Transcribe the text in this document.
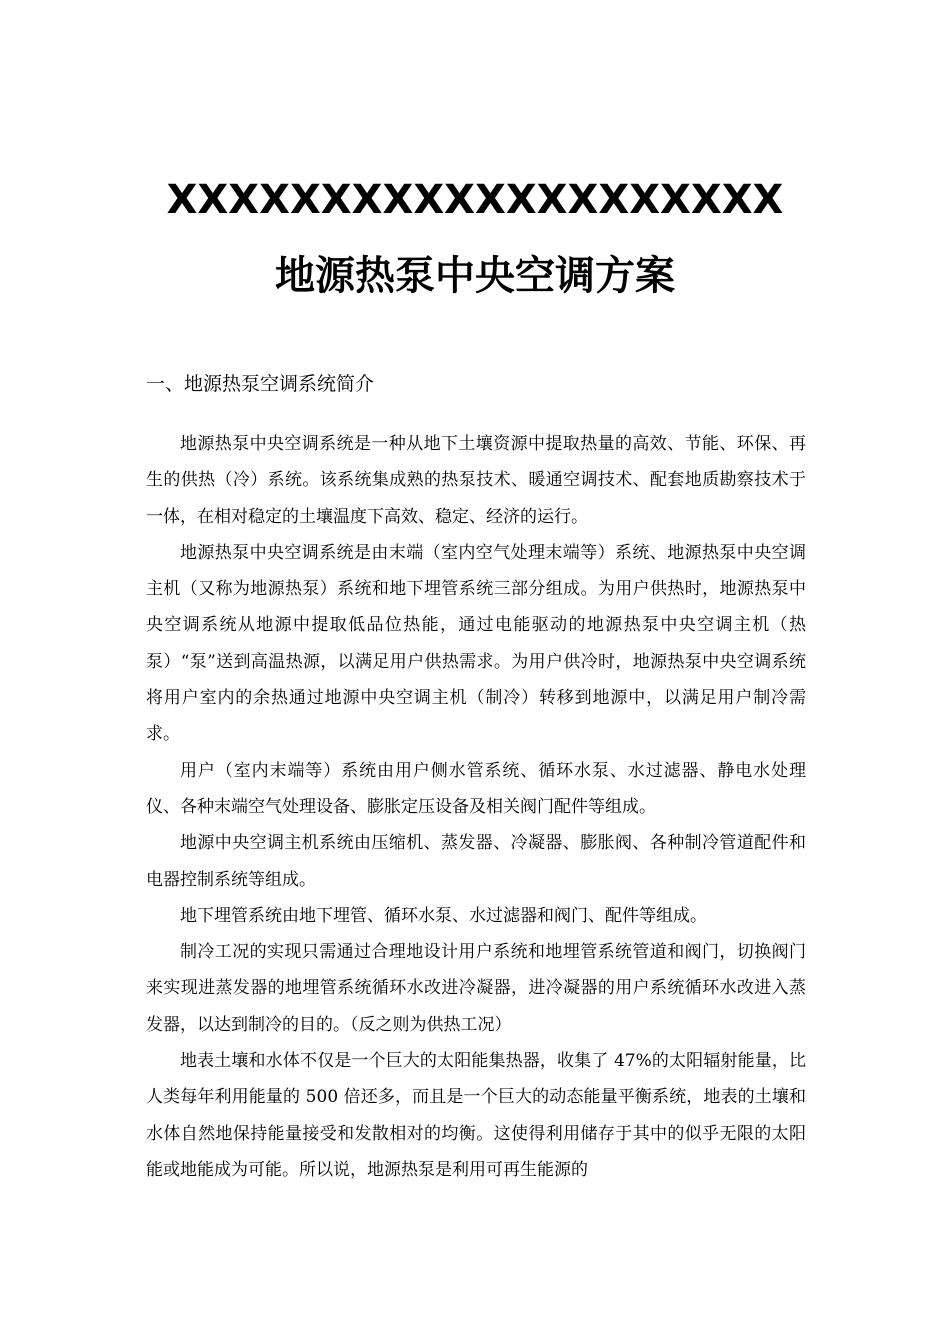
XXXXXXXXXXXXXXXXXXXX
地源热泵中央空调方案
一、地源热泵空调系统简介

地源热泵中央空调系统是一种从地下土壤资源中提取热量的高效、节能、环保、再生的供热（冷）系统。该系统集成熟的热泵技术、暖通空调技术、配套地质勘察技术于一体，在相对稳定的土壤温度下高效、稳定、经济的运行。

地源热泵中央空调系统是由末端（室内空气处理末端等）系统、地源热泵中央空调主机（又称为地源热泵）系统和地下埋管系统三部分组成。为用户供热时，地源热泵中央空调系统从地源中提取低品位热能，通过电能驱动的地源热泵中央空调主机（热泵）“泵”送到高温热源，以满足用户供热需求。为用户供冷时，地源热泵中央空调系统将用户室内的余热通过地源中央空调主机（制冷）转移到地源中，以满足用户制冷需求。

用户（室内末端等）系统由用户侧水管系统、循环水泵、水过滤器、静电水处理仪、各种末端空气处理设备、膨胀定压设备及相关阀门配件等组成。

地源中央空调主机系统由压缩机、蒸发器、冷凝器、膨胀阀、各种制冷管道配件和电器控制系统等组成。

地下埋管系统由地下埋管、循环水泵、水过滤器和阀门、配件等组成。

制冷工况的实现只需通过合理地设计用户系统和地埋管系统管道和阀门，切换阀门来实现进蒸发器的地埋管系统循环水改进冷凝器，进冷凝器的用户系统循环水改进入蒸发器，以达到制冷的目的。（反之则为供热工况）

地表土壤和水体不仅是一个巨大的太阳能集热器，收集了 47%的太阳辐射能量，比人类每年利用能量的 500 倍还多，而且是一个巨大的动态能量平衡系统，地表的土壤和水体自然地保持能量接受和发散相对的均衡。这使得利用储存于其中的似乎无限的太阳能或地能成为可能。所以说，地源热泵是利用可再生能源的
